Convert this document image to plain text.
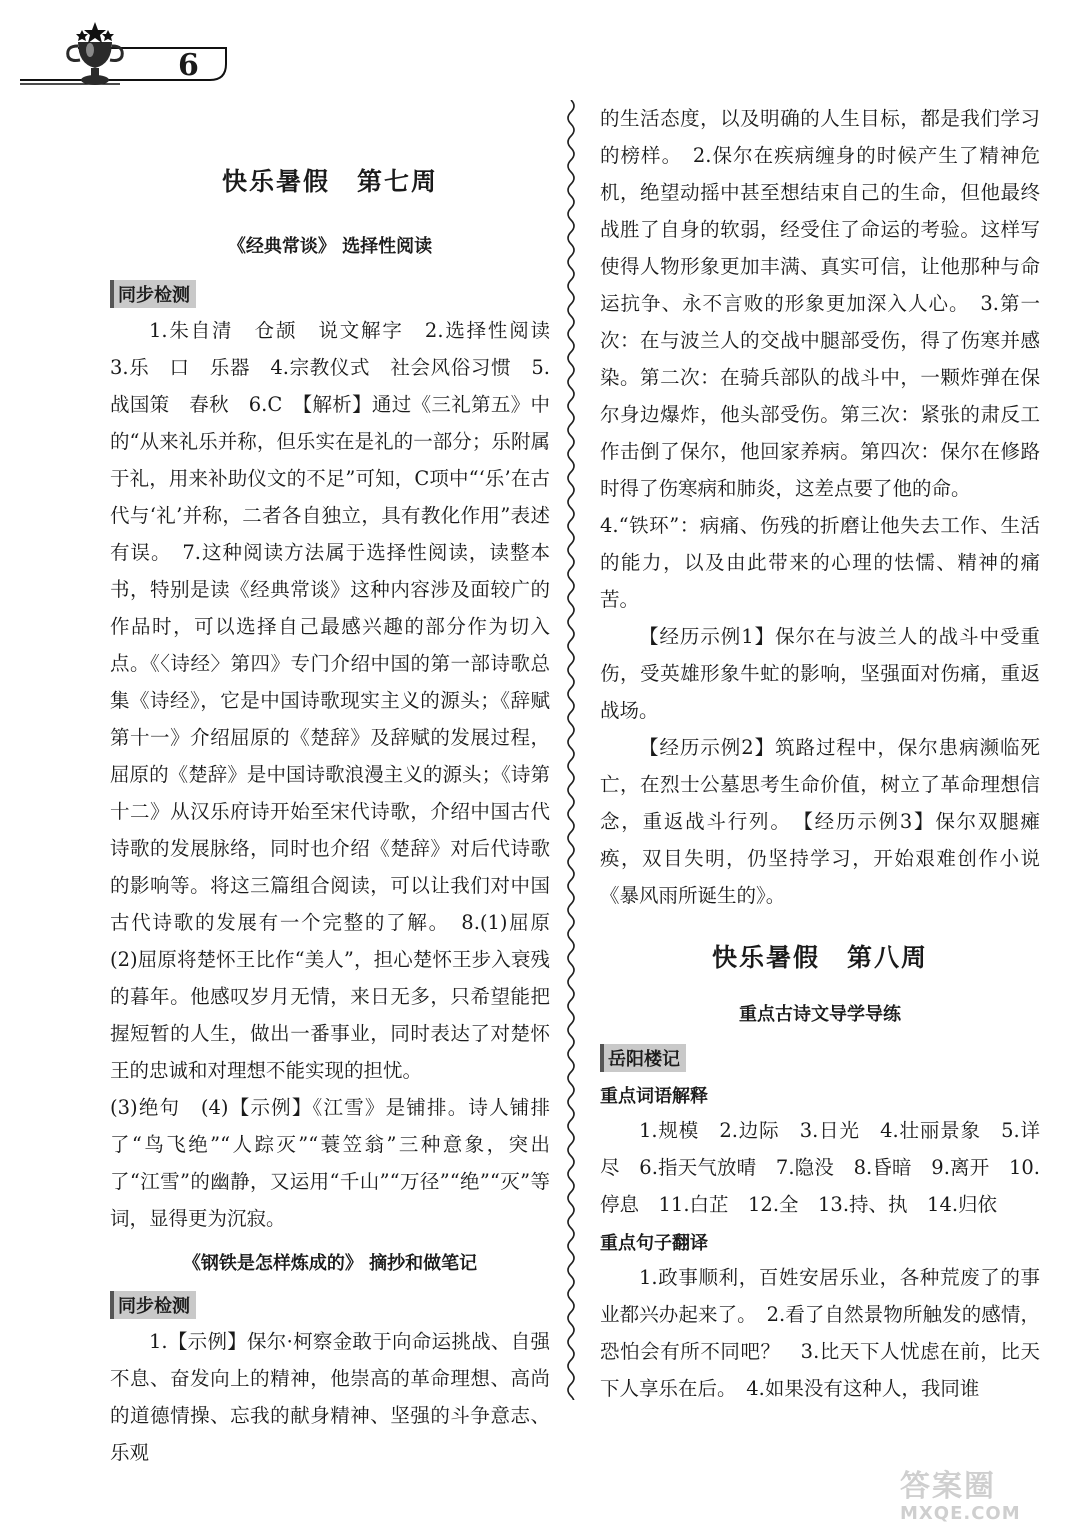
6

快乐暑假　第七周

《经典常谈》 选择性阅读

同步检测

1.朱自清　仓颉　说文解字　2.选择性阅读　3.乐　口　乐器　4.宗教仪式　社会风俗习惯　5.战国策　春秋　6.C　【解析】通过《三礼第五》中的“从来礼乐并称，但乐实在是礼的一部分；乐附属于礼，用来补助仪文的不足”可知，C项中“‘乐’在古代与‘礼’并称，二者各自独立，具有教化作用”表述有误。　7.这种阅读方法属于选择性阅读，读整本书，特别是读《经典常谈》这种内容涉及面较广的作品时，可以选择自己最感兴趣的部分作为切入点。《〈诗经〉第四》专门介绍中国的第一部诗歌总集《诗经》，它是中国诗歌现实主义的源头；《辞赋第十一》介绍屈原的《楚辞》及辞赋的发展过程，屈原的《楚辞》是中国诗歌浪漫主义的源头；《诗第十二》从汉乐府诗开始至宋代诗歌，介绍中国古代诗歌的发展脉络，同时也介绍《楚辞》对后代诗歌的影响等。将这三篇组合阅读，可以让我们对中国古代诗歌的发展有一个完整的了解。　8.(1)屈原　(2)屈原将楚怀王比作“美人”，担心楚怀王步入衰残的暮年。他感叹岁月无情，来日无多，只希望能把握短暂的人生，做出一番事业，同时表达了对楚怀王的忠诚和对理想不能实现的担忧。

(3)绝句　(4)【示例】《江雪》是铺排。诗人铺排了“鸟飞绝”“人踪灭”“蓑笠翁”三种意象，突出了“江雪”的幽静，又运用“千山”“万径”“绝”“灭”等词，显得更为沉寂。

《钢铁是怎样炼成的》 摘抄和做笔记

同步检测

1.【示例】保尔·柯察金敢于向命运挑战、自强不息、奋发向上的精神，他崇高的革命理想、高尚的道德情操、忘我的献身精神、坚强的斗争意志、乐观

的生活态度，以及明确的人生目标，都是我们学习的榜样。　2.保尔在疾病缠身的时候产生了精神危机，绝望动摇中甚至想结束自己的生命，但他最终战胜了自身的软弱，经受住了命运的考验。这样写使得人物形象更加丰满、真实可信，让他那种与命运抗争、永不言败的形象更加深入人心。　3.第一次：在与波兰人的交战中腿部受伤，得了伤寒并感染。第二次：在骑兵部队的战斗中，一颗炸弹在保尔身边爆炸，他头部受伤。第三次：紧张的肃反工作击倒了保尔，他回家养病。第四次：保尔在修路时得了伤寒病和肺炎，这差点要了他的命。

4.“铁环”：病痛、伤残的折磨让他失去工作、生活的能力，以及由此带来的心理的怯懦、精神的痛苦。

【经历示例1】保尔在与波兰人的战斗中受重伤，受英雄形象牛虻的影响，坚强面对伤痛，重返战场。

【经历示例2】筑路过程中，保尔患病濒临死亡，在烈士公墓思考生命价值，树立了革命理想信念，重返战斗行列。　【经历示例3】保尔双腿瘫痪，双目失明，仍坚持学习，开始艰难创作小说《暴风雨所诞生的》。

快乐暑假　第八周

重点古诗文导学导练

岳阳楼记
重点词语解释

1.规模　2.边际　3.日光　4.壮丽景象　5.详尽　6.指天气放晴　7.隐没　8.昏暗　9.离开　10.停息　11.白芷　12.全　13.持、执　14.归依

重点句子翻译

1.政事顺利，百姓安居乐业，各种荒废了的事业都兴办起来了。　2.看了自然景物所触发的感情，恐怕会有所不同吧？　3.比天下人忧虑在前，比天下人享乐在后。　4.如果没有这种人，我同谁

答案圈
MXQE.COM
